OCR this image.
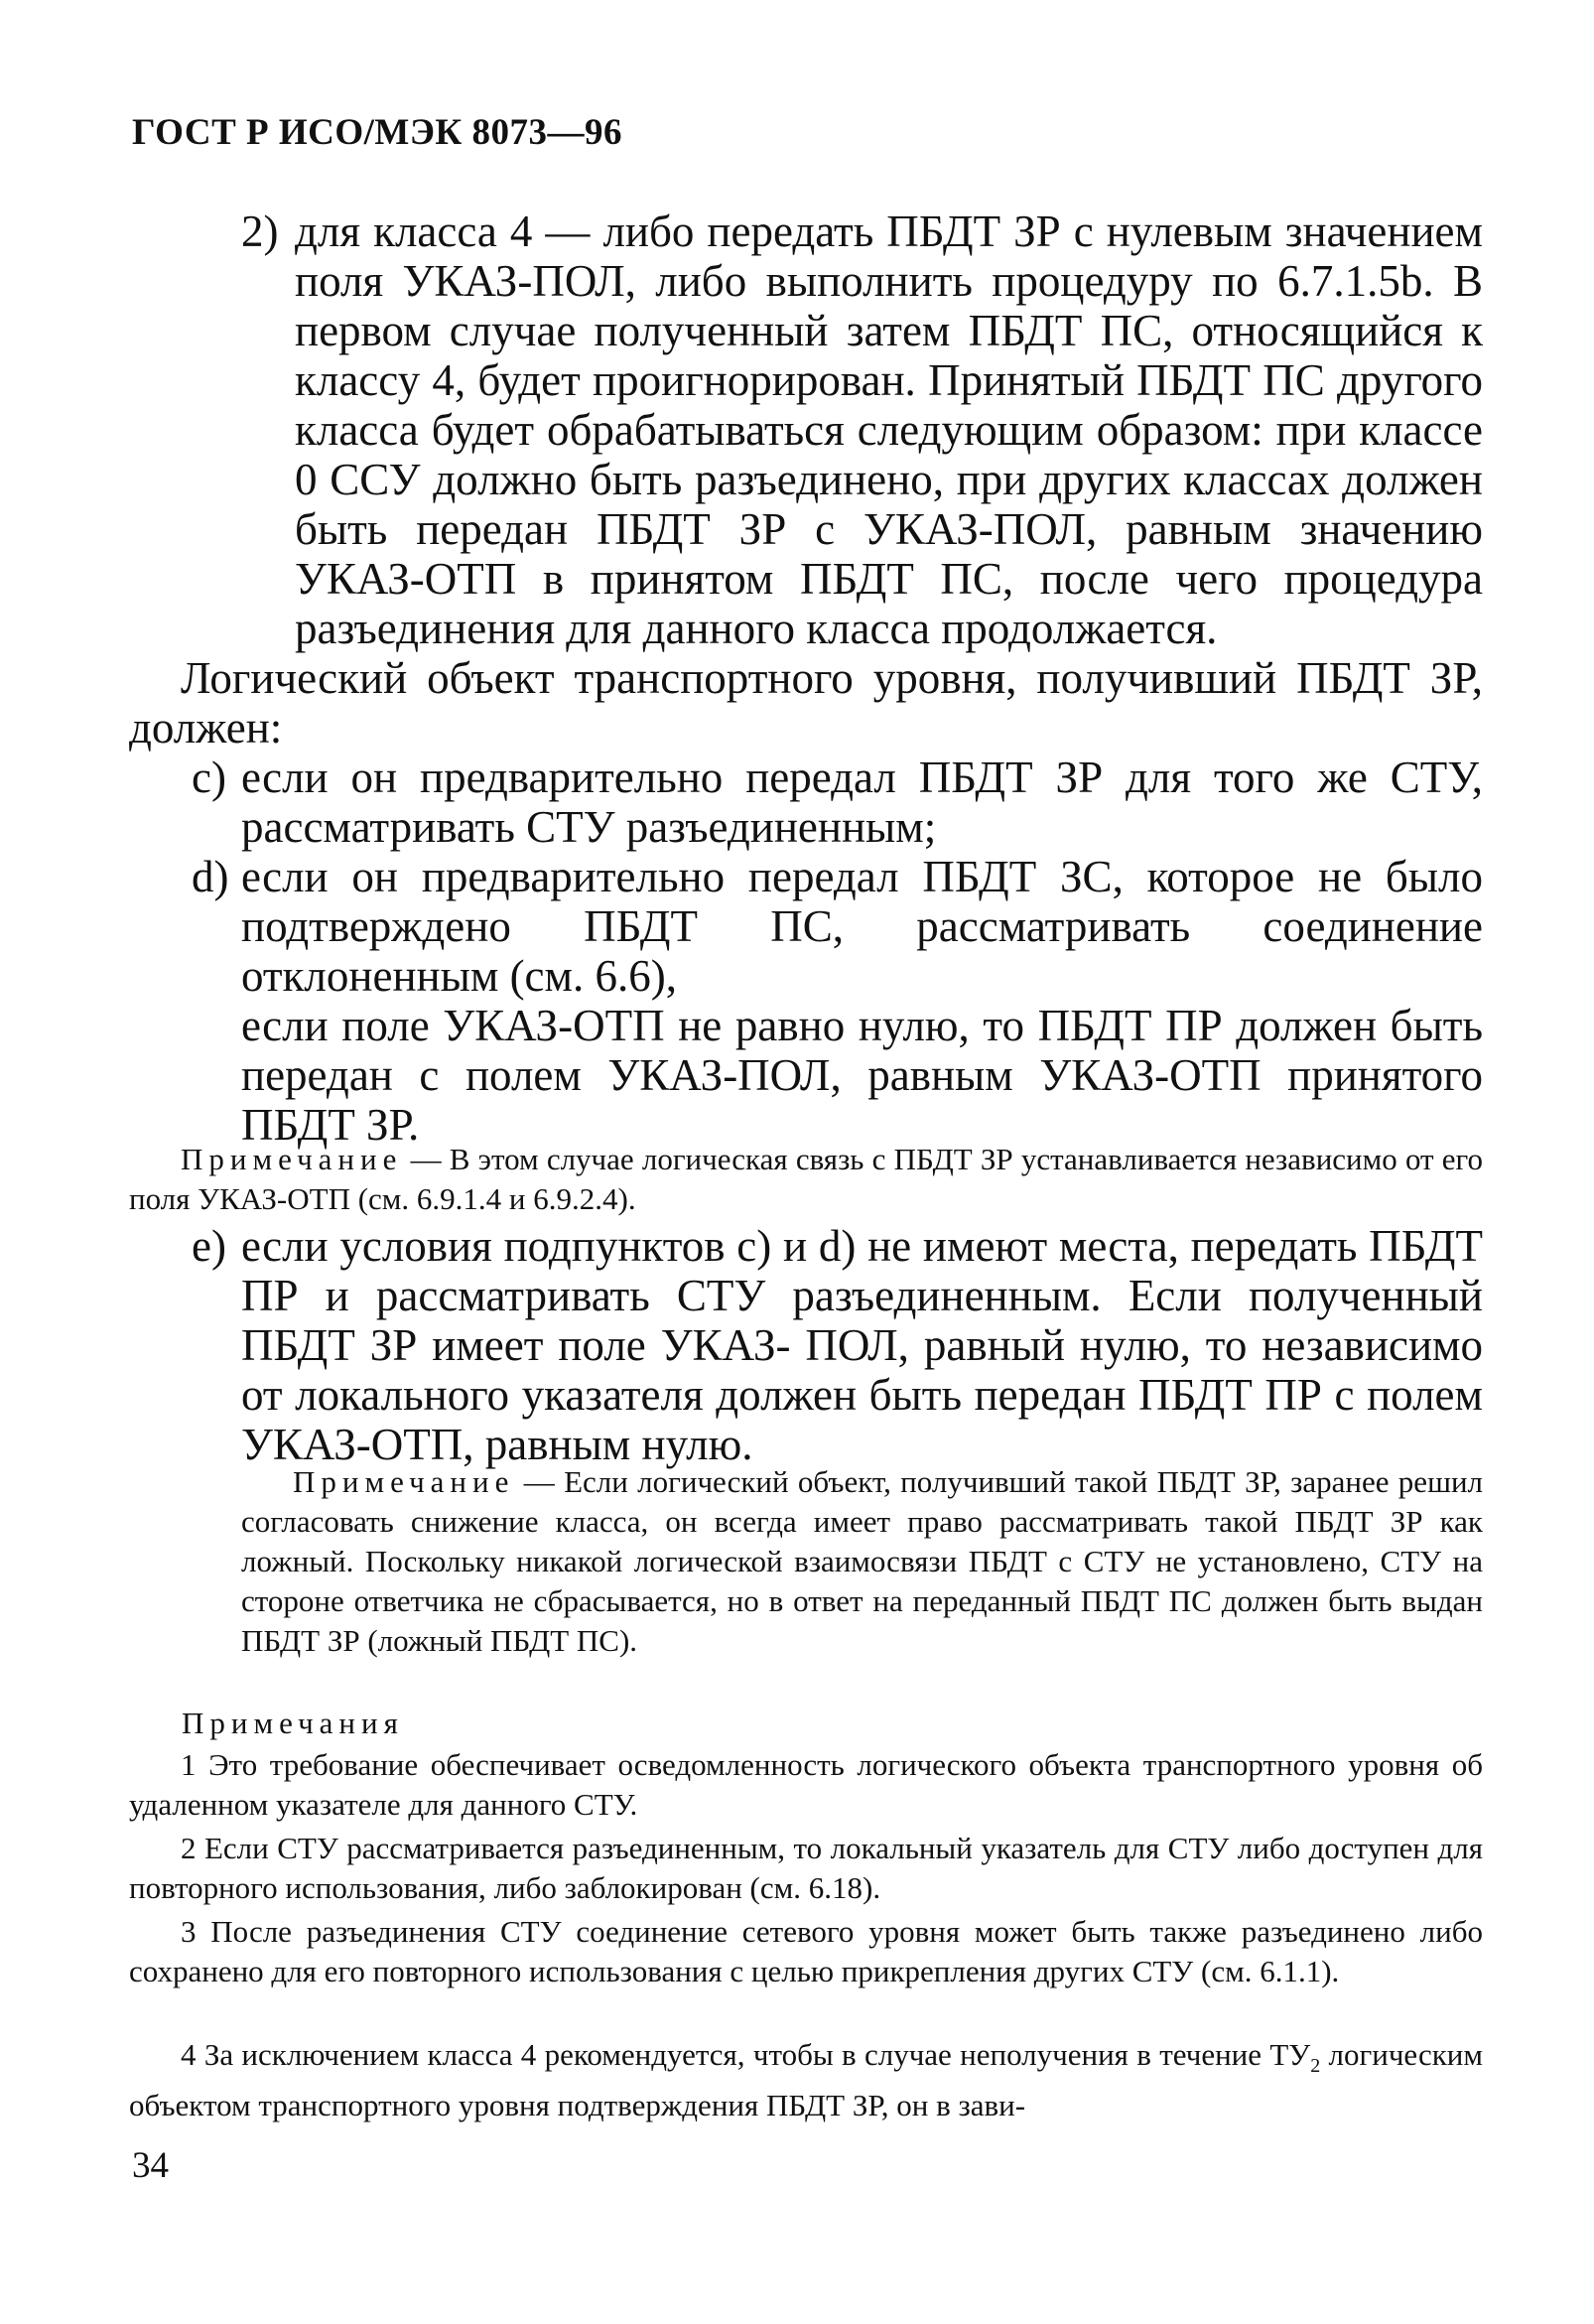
ГОСТ Р ИСО/МЭК 8073—96
2) для класса 4 — либо передать ПБДТ ЗР с нулевым значением поля УКАЗ-ПОЛ, либо выполнить процедуру по 6.7.1.5b. В первом случае полученный затем ПБДТ ПС, относящийся к классу 4, будет проигнорирован. Принятый ПБДТ ПС другого класса будет обрабатываться следующим образом: при классе 0 ССУ должно быть разъединено, при других классах должен быть передан ПБДТ ЗР с УКАЗ-ПОЛ, равным значению УКАЗ-ОТП в принятом ПБДТ ПС, после чего процедура разъединения для данного класса продолжается.
Логический объект транспортного уровня, получивший ПБДТ ЗР, должен:
c) если он предварительно передал ПБДТ ЗР для того же СТУ, рассматривать СТУ разъединенным;
d) если он предварительно передал ПБДТ ЗС, которое не было подтверждено ПБДТ ПС, рассматривать соединение отклоненным (см. 6.6),
если поле УКАЗ-ОТП не равно нулю, то ПБДТ ПР должен быть передан с полем УКАЗ-ПОЛ, равным УКАЗ-ОТП принятого ПБДТ ЗР.
Примечание — В этом случае логическая связь с ПБДТ ЗР устанавливается независимо от его поля УКАЗ-ОТП (см. 6.9.1.4 и 6.9.2.4).
e) если условия подпунктов с) и d) не имеют места, передать ПБДТ ПР и рассматривать СТУ разъединенным. Если полученный ПБДТ ЗР имеет поле УКАЗ- ПОЛ, равный нулю, то независимо от локального указателя должен быть передан ПБДТ ПР с полем УКАЗ-ОТП, равным нулю.
Примечание — Если логический объект, получивший такой ПБДТ ЗР, заранее решил согласовать снижение класса, он всегда имеет право рассматривать такой ПБДТ ЗР как ложный. Поскольку никакой логической взаимосвязи ПБДТ с СТУ не установлено, СТУ на стороне ответчика не сбрасывается, но в ответ на переданный ПБДТ ПС должен быть выдан ПБДТ ЗР (ложный ПБДТ ПС).
Примечания
1 Это требование обеспечивает осведомленность логического объекта транспортного уровня об удаленном указателе для данного СТУ.
2 Если СТУ рассматривается разъединенным, то локальный указатель для СТУ либо доступен для повторного использования, либо заблокирован (см. 6.18).
3 После разъединения СТУ соединение сетевого уровня может быть также разъединено либо сохранено для его повторного использования с целью прикрепления других СТУ (см. 6.1.1).
4 За исключением класса 4 рекомендуется, чтобы в случае неполучения в течение $ТУ_2$ логическим объектом транспортного уровня подтверждения ПБДТ ЗР, он в зави-
34
